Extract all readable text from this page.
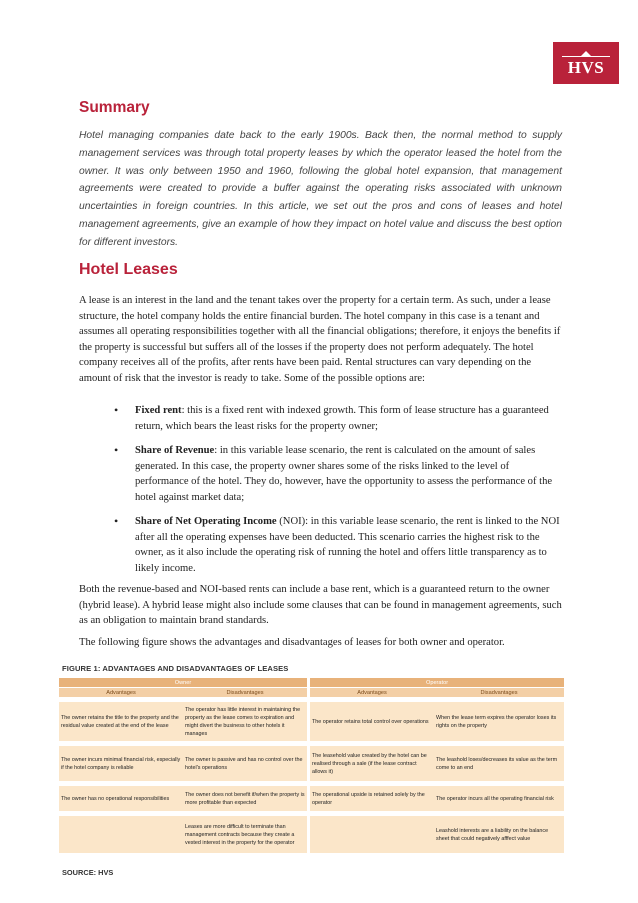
HVS
Summary

Hotel managing companies date back to the early 1900s. Back then, the normal method to supply management services was through total property leases by which the operator leased the hotel from the owner. It was only between 1950 and 1960, following the global hotel expansion, that management agreements were created to provide a buffer against the operating risks associated with unknown uncertainties in foreign countries. In this article, we set out the pros and cons of leases and hotel management agreements, give an example of how they impact on hotel value and discuss the best option for different investors.

Hotel Leases

A lease is an interest in the land and the tenant takes over the property for a certain term. As such, under a lease structure, the hotel company holds the entire financial burden. The hotel company in this case is a tenant and assumes all operating responsibilities together with all the financial obligations; therefore, it enjoys the benefits if the property is successful but suffers all of the losses if the property does not perform adequately. The hotel company receives all of the profits, after rents have been paid. Rental structures can vary depending on the amount of risk that the investor is ready to take. Some of the possible options are:

• Fixed rent: this is a fixed rent with indexed growth. This form of lease structure has a guaranteed return, which bears the least risks for the property owner;
• Share of Revenue: in this variable lease scenario, the rent is calculated on the amount of sales generated. In this case, the property owner shares some of the risks linked to the level of performance of the hotel. They do, however, have the opportunity to assess the performance of the hotel against market data;
• Share of Net Operating Income (NOI): in this variable lease scenario, the rent is linked to the NOI after all the operating expenses have been deducted. This scenario carries the highest risk to the owner, as it also include the operating risk of running the hotel and offers little transparency as to likely income.

Both the revenue-based and NOI-based rents can include a base rent, which is a guaranteed return to the owner (hybrid lease). A hybrid lease might also include some clauses that can be found in management agreements, such as an obligation to maintain brand standards.

The following figure shows the advantages and disadvantages of leases for both owner and operator.

FIGURE 1: ADVANTAGES AND DISADVANTAGES OF LEASES
Owner			Operator	
Advantages	Disadvantages		Advantages	Disadvantages
The owner retains the title to the property and the residual value created at the end of the lease	The operator has little interest in maintaining the property as the lease comes to expiration and might divert the business to other hotels it manages		The operator retains total control over operations	When the lease term expires the operator loses its rights on the property
The owner incurs minimal financial risk, especially if the hotel company is reliable	The owner is passive and has no control over the hotel's operations		The leasehold value created by the hotel can be realised through a sale (if the lease contract allows it)	The leashold loses/decreases its value as the term come to an end
The owner has no operational responsibilities	The owner does not benefit if/when the property is more profitable than expected		The operational upside is retained solely by the operator	The operator incurs all the operating financial risk
	Leases are more difficult to terminate than management contracts because they create a vested interest in the property for the operator			Leashold interests are a liability on the balance sheet that could negatively afffect value
SOURCE: HVS
